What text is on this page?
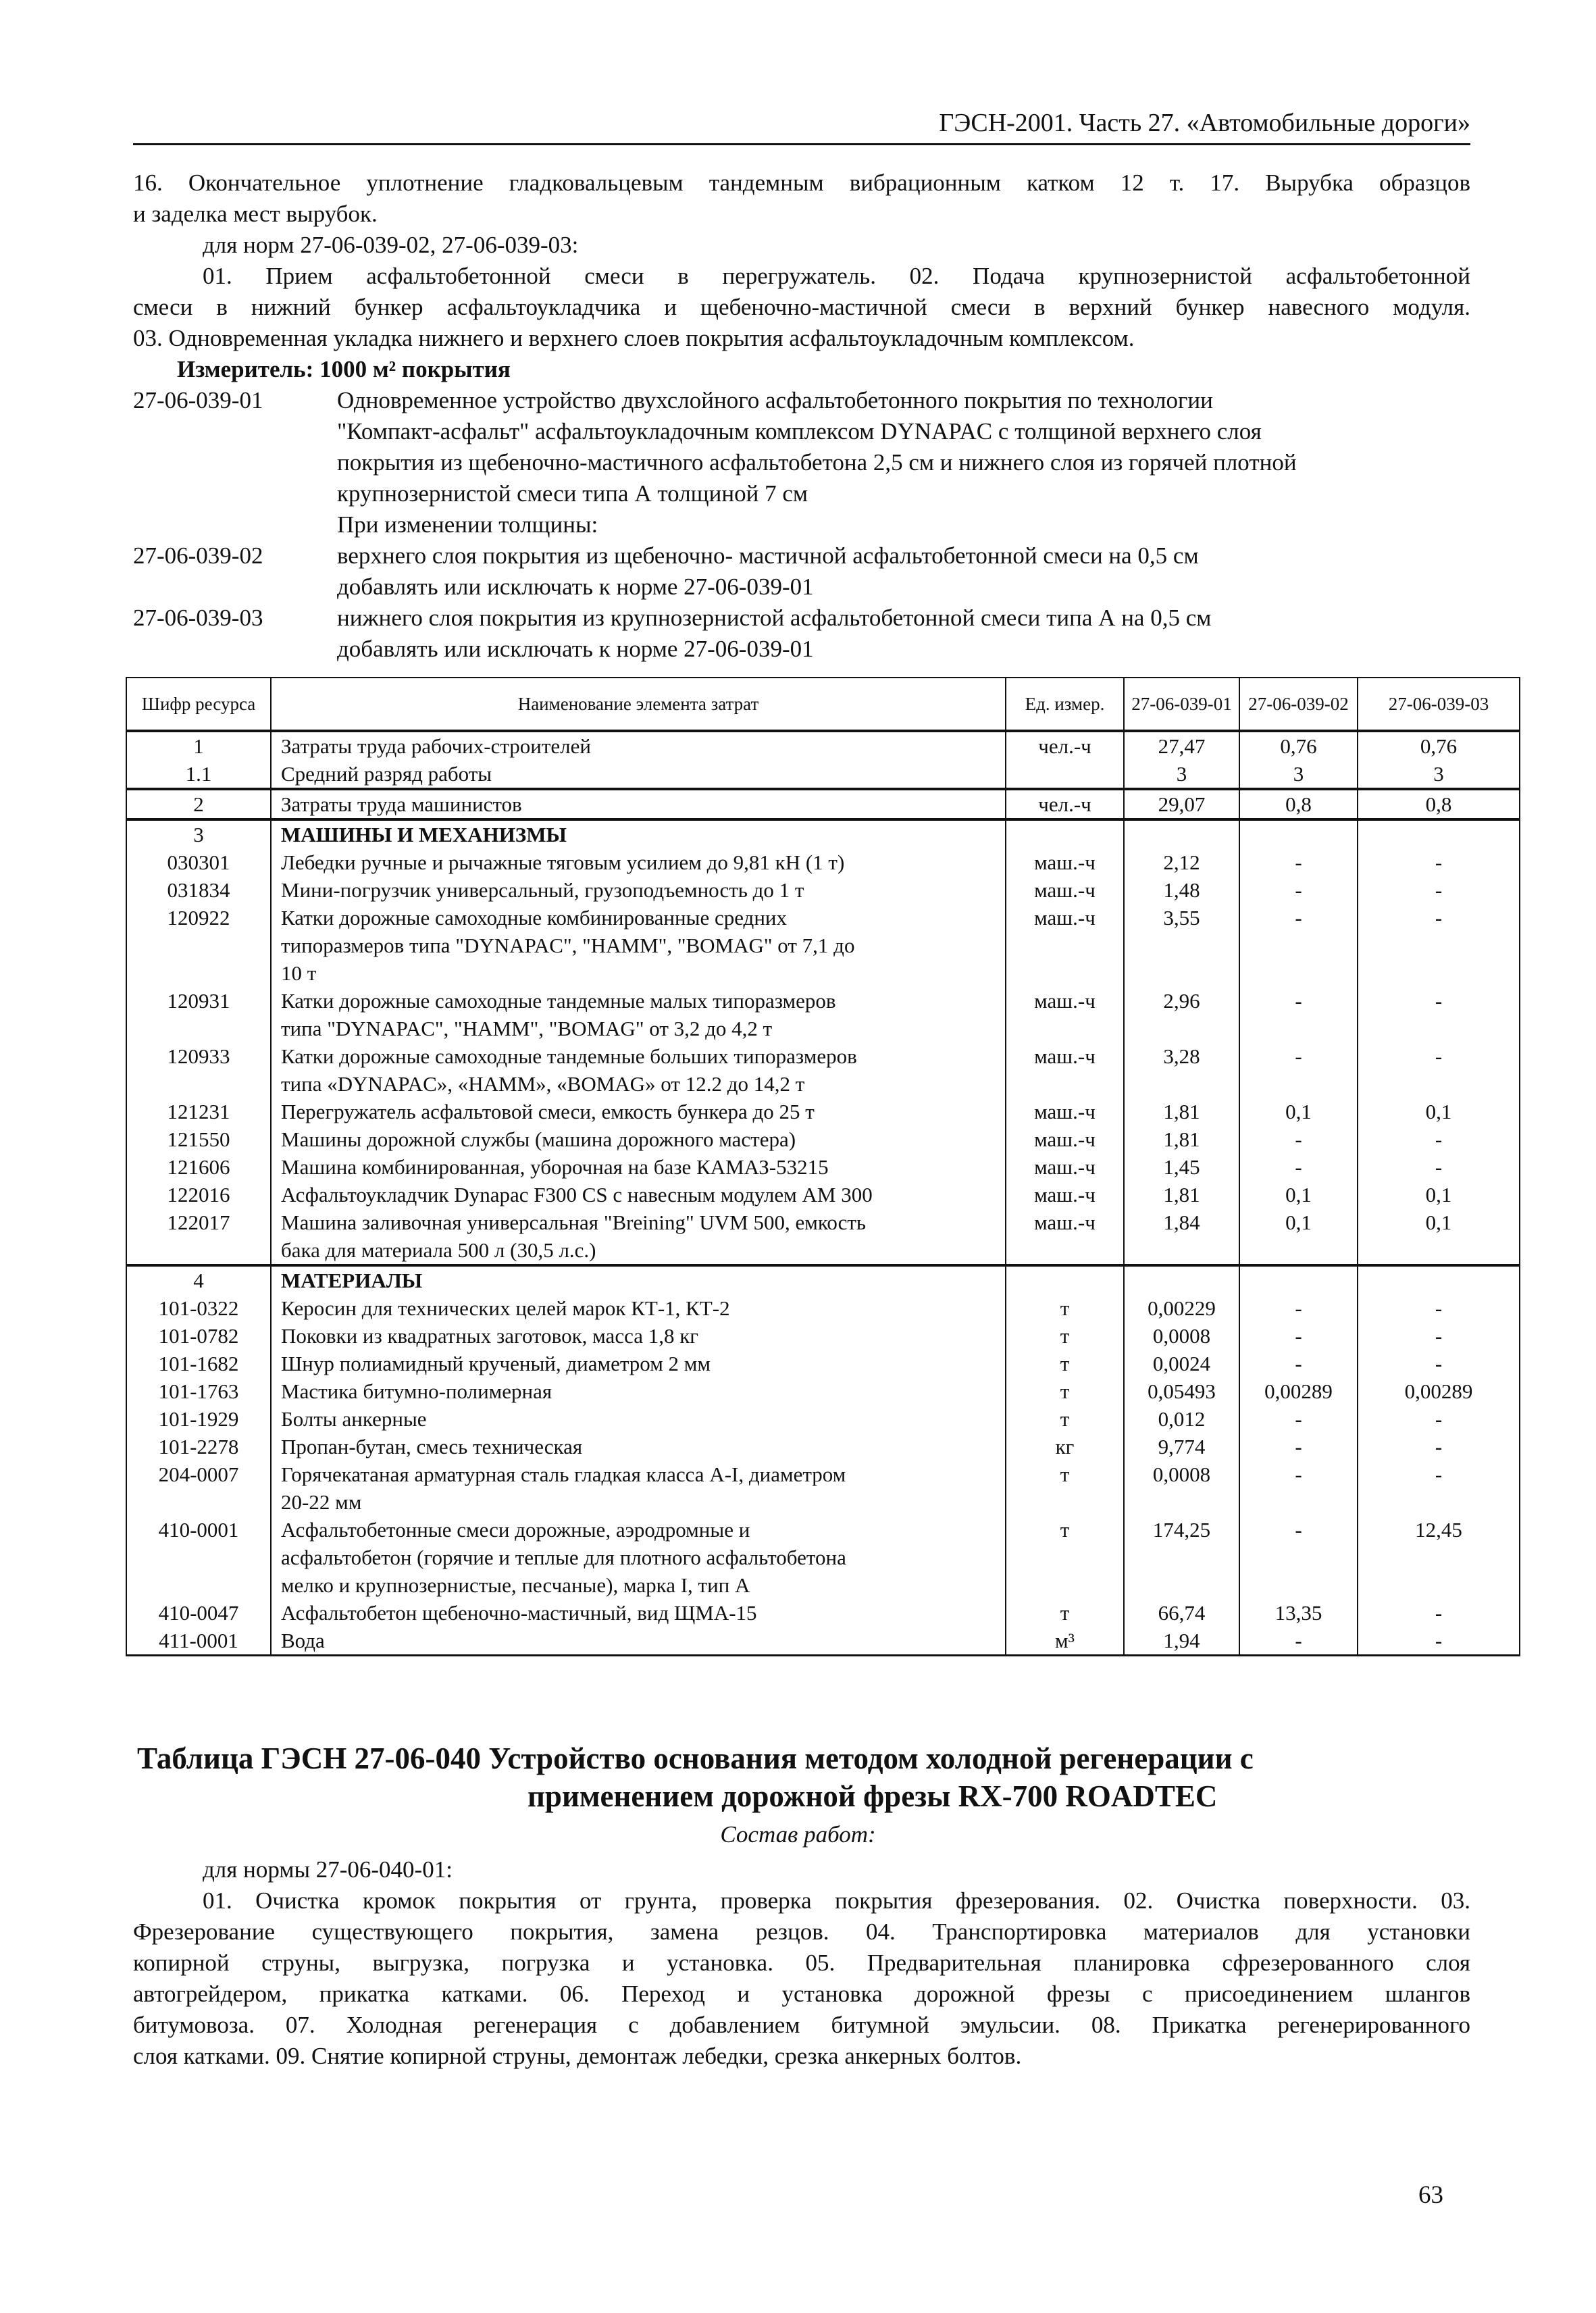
ГЭСН-2001. Часть 27. «Автомобильные дороги»
16. Окончательное уплотнение гладковальцевым тандемным вибрационным катком 12 т. 17. Вырубка образцов
и заделка мест вырубок.
для норм 27-06-039-02, 27-06-039-03:
01. Прием асфальтобетонной смеси в перегружатель. 02. Подача крупнозернистой асфальтобетонной
смеси в нижний бункер асфальтоукладчика и щебеночно-мастичной смеси в верхний бункер навесного модуля.
03. Одновременная укладка нижнего и верхнего слоев покрытия асфальтоукладочным комплексом.
Измеритель: 1000 м² покрытия
27-06-039-01	Одновременное устройство двухслойного асфальтобетонного покрытия по технологии
"Компакт-асфальт" асфальтоукладочным комплексом DYNAPAC с толщиной верхнего слоя
покрытия из щебеночно-мастичного асфальтобетона 2,5 см и нижнего слоя из горячей плотной
крупнозернистой смеси типа А толщиной 7 см
При изменении толщины:
27-06-039-02	верхнего слоя покрытия из щебеночно- мастичной асфальтобетонной смеси на 0,5 см
добавлять или исключать к норме 27-06-039-01
27-06-039-03	нижнего слоя покрытия из крупнозернистой асфальтобетонной смеси типа А на 0,5 см
добавлять или исключать к норме 27-06-039-01
Шифр ресурса	Наименование элемента затрат	Ед. измер.	27-06-039-01	27-06-039-02	27-06-039-03
1	Затраты труда рабочих-строителей	чел.-ч	27,47	0,76	0,76
1.1	Средний разряд работы		3	3	3
2	Затраты труда машинистов	чел.-ч	29,07	0,8	0,8
3	МАШИНЫ И МЕХАНИЗМЫ				
030301	Лебедки ручные и рычажные тяговым усилием до 9,81 кН (1 т)	маш.-ч	2,12	-	-
031834	Мини-погрузчик универсальный, грузоподъемность до 1 т	маш.-ч	1,48	-	-
120922	Катки дорожные самоходные комбинированные средних
типоразмеров типа "DYNAPAC", "HAMM", "BOMAG" от 7,1 до
10 т	маш.-ч	3,55	-	-
120931	Катки дорожные самоходные тандемные малых типоразмеров
типа "DYNAPAC", "HAMM", "BOMAG" от 3,2 до 4,2 т	маш.-ч	2,96	-	-
120933	Катки дорожные самоходные тандемные больших типоразмеров
типа «DYNAPAC», «HAMM», «BOMAG» от 12.2 до 14,2 т	маш.-ч	3,28	-	-
121231	Перегружатель асфальтовой смеси, емкость бункера до 25 т	маш.-ч	1,81	0,1	0,1
121550	Машины дорожной службы (машина дорожного мастера)	маш.-ч	1,81	-	-
121606	Машина комбинированная, уборочная на базе КАМАЗ-53215	маш.-ч	1,45	-	-
122016	Асфальтоукладчик Dynapac F300 CS с навесным модулем AM 300	маш.-ч	1,81	0,1	0,1
122017	Машина заливочная универсальная "Breining" UVM 500, емкость
бака для материала 500 л (30,5 л.с.)	маш.-ч	1,84	0,1	0,1
4	МАТЕРИАЛЫ				
101-0322	Керосин для технических целей марок КТ-1, КТ-2	т	0,00229	-	-
101-0782	Поковки из квадратных заготовок, масса 1,8 кг	т	0,0008	-	-
101-1682	Шнур полиамидный крученый, диаметром 2 мм	т	0,0024	-	-
101-1763	Мастика битумно-полимерная	т	0,05493	0,00289	0,00289
101-1929	Болты анкерные	т	0,012	-	-
101-2278	Пропан-бутан, смесь техническая	кг	9,774	-	-
204-0007	Горячекатаная арматурная сталь гладкая класса А-I, диаметром
20-22 мм	т	0,0008	-	-
410-0001	Асфальтобетонные смеси дорожные, аэродромные и
асфальтобетон (горячие и теплые для плотного асфальтобетона
мелко и крупнозернистые, песчаные), марка I, тип А	т	174,25	-	12,45
410-0047	Асфальтобетон щебеночно-мастичный, вид ЩМА-15	т	66,74	13,35	-
411-0001	Вода	м³	1,94	-	-
Таблица ГЭСН 27-06-040 Устройство основания методом холодной регенерации с
применением дорожной фрезы RX-700 ROADTEC
Состав работ:
для нормы 27-06-040-01:
01. Очистка кромок покрытия от грунта, проверка покрытия фрезерования. 02. Очистка поверхности. 03.
Фрезерование существующего покрытия, замена резцов. 04. Транспортировка материалов для установки
копирной струны, выгрузка, погрузка и установка. 05. Предварительная планировка сфрезерованного слоя
автогрейдером, прикатка катками. 06. Переход и установка дорожной фрезы с присоединением шлангов
битумовоза. 07. Холодная регенерация с добавлением битумной эмульсии. 08. Прикатка регенерированного
слоя катками. 09. Снятие копирной струны, демонтаж лебедки, срезка анкерных болтов.
63
